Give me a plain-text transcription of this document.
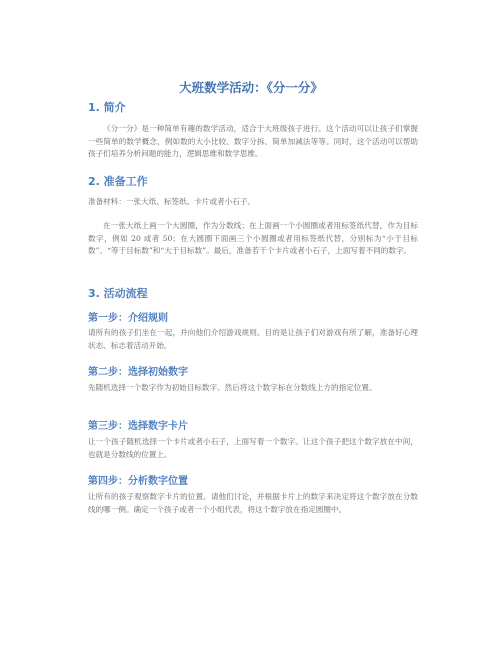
大班数学活动：《分一分》
1. 简介

《分一分》是一种简单有趣的数学活动，适合于大班级孩子进行。这个活动可以让孩子们掌握一些简单的数学概念，例如数的大小比较、数字分拆、简单加减法等等。同时，这个活动可以帮助孩子们培养分析问题的能力，逻辑思维和数学思维。

2. 准备工作

准备材料：一张大纸、标签纸、卡片或者小石子。

在一张大纸上画一个大圆圈，作为分数线；在上面画一个小圆圈或者用标签纸代替，作为目标数字，例如 20 或者 50；在大圆圈下面画三个小圆圈或者用标签纸代替，分别标为“小于目标数”、“等于目标数”和“大于目标数”。最后，准备若干个卡片或者小石子，上面写着不同的数字。

3. 活动流程
第一步：介绍规则

请所有的孩子们坐在一起，并向他们介绍游戏规则。目的是让孩子们对游戏有所了解，准备好心理状态、标志着活动开始。

第二步：选择初始数字

先随机选择一个数字作为初始目标数字。然后将这个数字标在分数线上方的指定位置。

第三步：选择数字卡片

让一个孩子随机选择一个卡片或者小石子，上面写着一个数字。让这个孩子把这个数字放在中间，也就是分数线的位置上。

第四步：分析数字位置

让所有的孩子观察数字卡片的位置。请他们讨论，并根据卡片上的数字来决定将这个数字放在分数线的哪一侧。确定一个孩子或者一个小组代表，将这个数字放在指定圆圈中。
